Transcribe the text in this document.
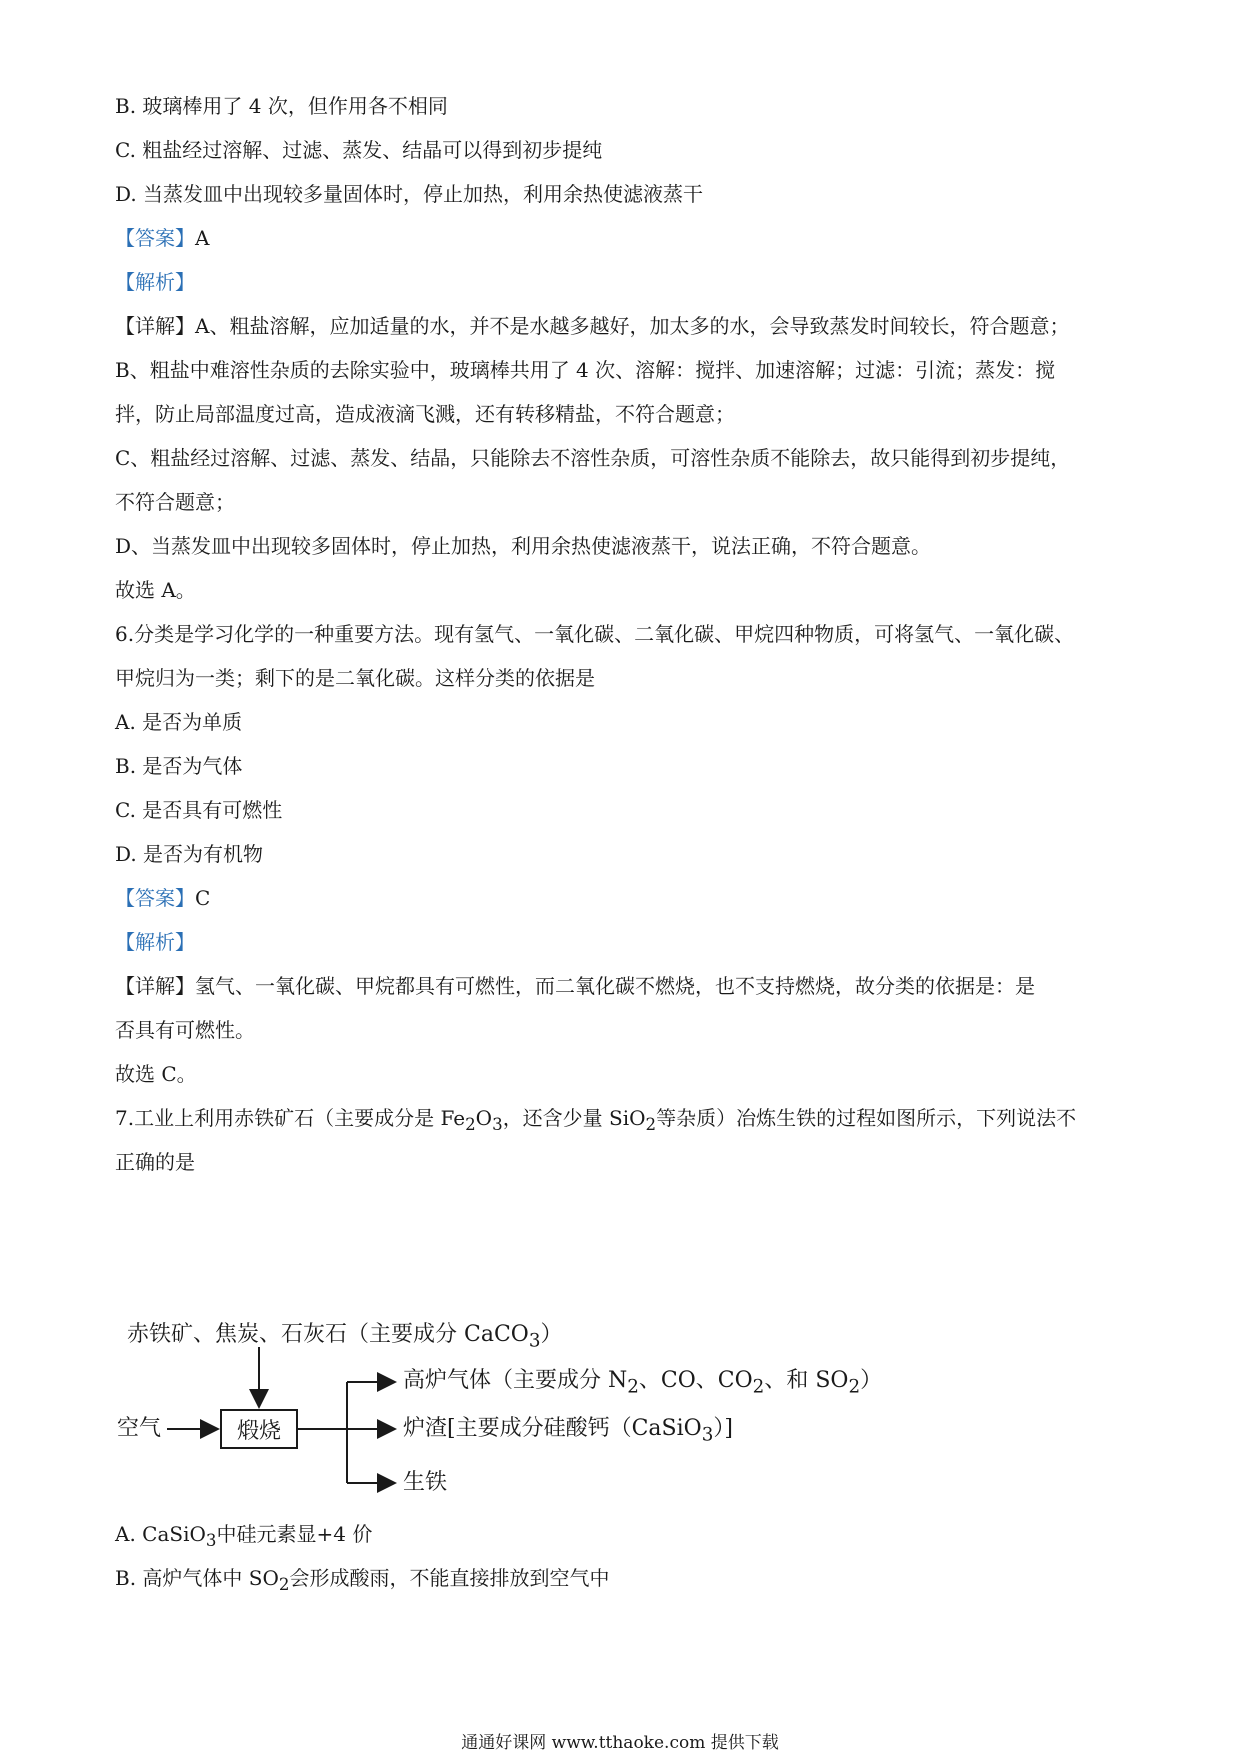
B. 玻璃棒用了 4 次，但作用各不相同
C. 粗盐经过溶解、过滤、蒸发、结晶可以得到初步提纯
D. 当蒸发皿中出现较多量固体时，停止加热，利用余热使滤液蒸干
【答案】A
【解析】
【详解】A、粗盐溶解，应加适量的水，并不是水越多越好，加太多的水，会导致蒸发时间较长，符合题意；
B、粗盐中难溶性杂质的去除实验中，玻璃棒共用了 4 次、溶解：搅拌、加速溶解；过滤：引流；蒸发：搅
拌，防止局部温度过高，造成液滴飞溅，还有转移精盐，不符合题意；
C、粗盐经过溶解、过滤、蒸发、结晶，只能除去不溶性杂质，可溶性杂质不能除去，故只能得到初步提纯，
不符合题意；
D、当蒸发皿中出现较多固体时，停止加热，利用余热使滤液蒸干，说法正确，不符合题意。
故选 A。
6.分类是学习化学的一种重要方法。现有氢气、一氧化碳、二氧化碳、甲烷四种物质，可将氢气、一氧化碳、
甲烷归为一类；剩下的是二氧化碳。这样分类的依据是
A. 是否为单质
B. 是否为气体
C. 是否具有可燃性
D. 是否为有机物
【答案】C
【解析】
【详解】氢气、一氧化碳、甲烷都具有可燃性，而二氧化碳不燃烧，也不支持燃烧，故分类的依据是：是
否具有可燃性。
故选 C。
7.工业上利用赤铁矿石（主要成分是 $Fe_2O_3$，还含少量 SiO$_2$等杂质）冶炼生铁的过程如图所示，下列说法不
正确的是
赤铁矿、焦炭、石灰石（主要成分 CaCO$_3$）
空气	煅烧
高炉气体（主要成分 $N_2$、CO、$CO_2$、和 $SO_2$）
炉渣[主要成分硅酸钙（CaSiO$_3$）]
生铁
A. CaSiO$_3$中硅元素显+4 价
B. 高炉气体中 $SO_2$会形成酸雨，不能直接排放到空气中
通通好课网 www.tthaoke.com 提供下载
